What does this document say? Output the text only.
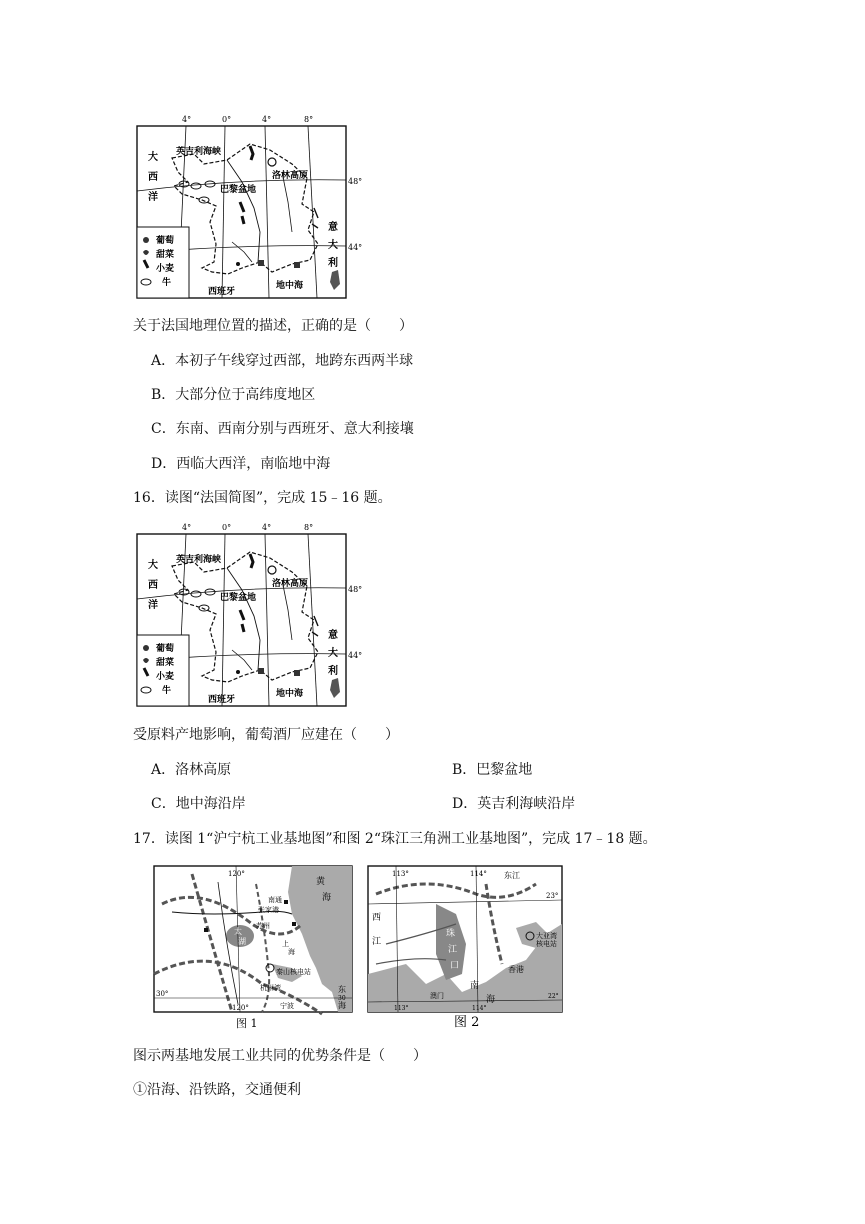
4°	0°	4°	8°
48°
44°
英吉利海峡
洛林高原
巴黎盆地
大
西
洋
意
大
利
西班牙
地中海
葡萄
甜菜
小麦
牛
关于法国地理位置的描述，正确的是（　　）
A．本初子午线穿过西部，地跨东西两半球
B．大部分位于高纬度地区
C．东南、西南分别与西班牙、意大利接壤
D．西临大西洋，南临地中海
16．读图“法国简图”，完成 15﹣16 题。
4°	0°	4°	8°
48°
44°
英吉利海峡
洛林高原
巴黎盆地
大
西
洋
意
大
利
西班牙
地中海
葡萄
甜菜
小麦
牛
受原料产地影响，葡萄酒厂应建在（　　）
A．洛林高原	B．巴黎盆地
C．地中海沿岸	D．英吉利海峡沿岸
17．读图 1“沪宁杭工业基地图”和图 2“珠江三角洲工业基地图”，完成 17﹣18 题。
120°
30°
120°
黄
海
南通
张家港
苏州
上
海
太
湖
秦山核电站
杭州湾
宁波
东
海
30
图 1
113°	114° 东江
23°
西
江
珠
江
口
大亚湾
核电站
香 港
澳门
南
海	22°
113°	114°
图 2
图示两基地发展工业共同的优势条件是（　　）
①沿海、沿铁路，交通便利
